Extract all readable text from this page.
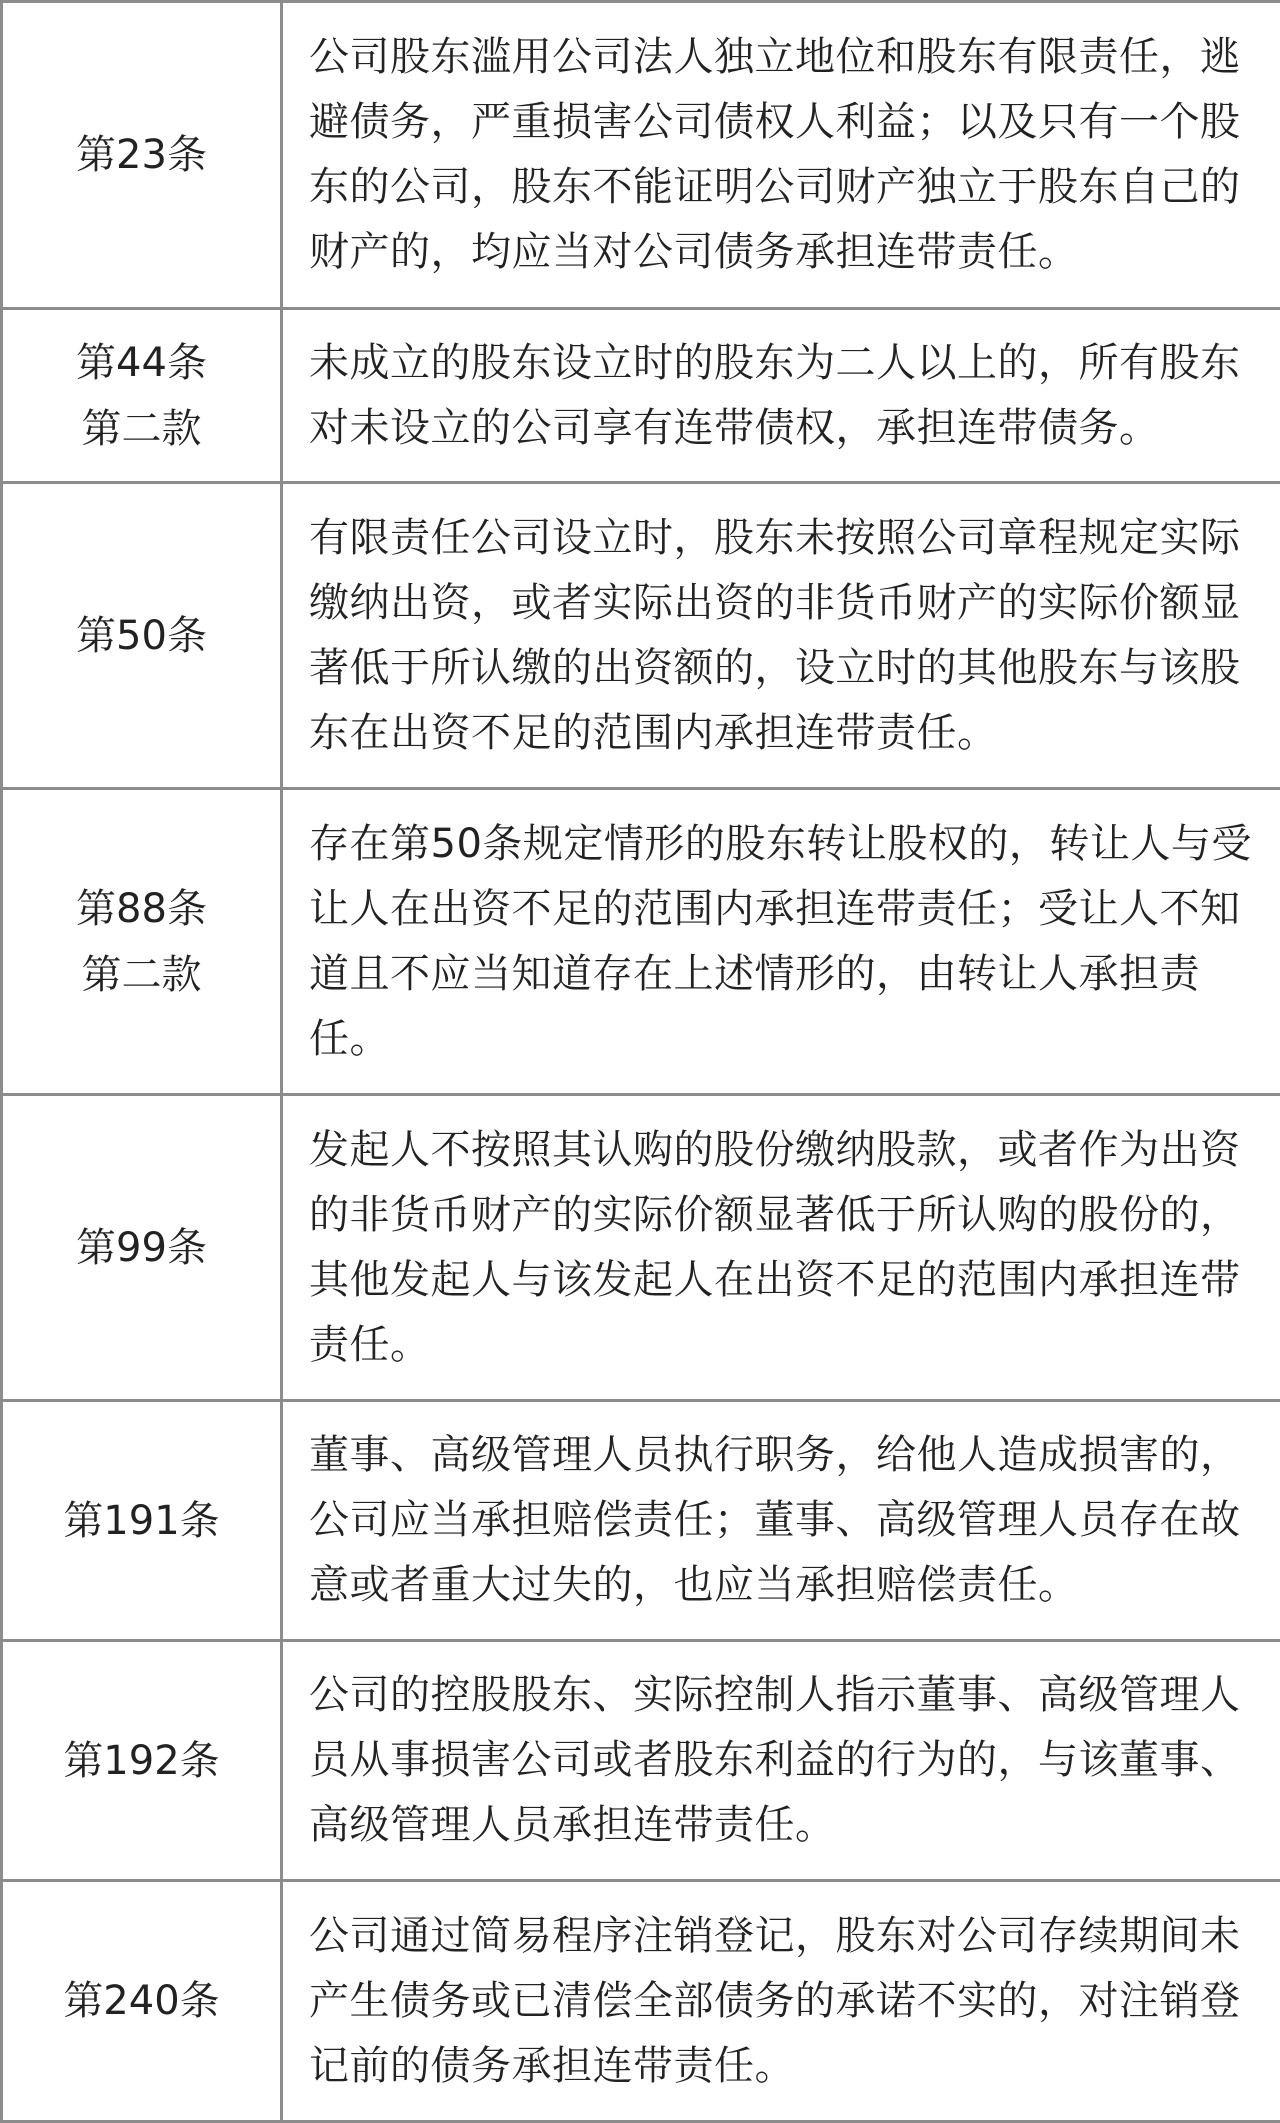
第23条	公司股东滥用公司法人独立地位和股东有限责任，逃避债务，严重损害公司债权人利益；以及只有一个股东的公司，股东不能证明公司财产独立于股东自己的财产的，均应当对公司债务承担连带责任。

第44条
第二款	未成立的股东设立时的股东为二人以上的，所有股东对未设立的公司享有连带债权，承担连带债务。

第50条	有限责任公司设立时，股东未按照公司章程规定实际缴纳出资，或者实际出资的非货币财产的实际价额显著低于所认缴的出资额的，设立时的其他股东与该股东在出资不足的范围内承担连带责任。

第88条
第二款	存在第50条规定情形的股东转让股权的，转让人与受让人在出资不足的范围内承担连带责任；受让人不知道且不应当知道存在上述情形的，由转让人承担责任。

第99条	发起人不按照其认购的股份缴纳股款，或者作为出资的非货币财产的实际价额显著低于所认购的股份的，其他发起人与该发起人在出资不足的范围内承担连带责任。

第191条	董事、高级管理人员执行职务，给他人造成损害的，公司应当承担赔偿责任；董事、高级管理人员存在故意或者重大过失的，也应当承担赔偿责任。

第192条	公司的控股股东、实际控制人指示董事、高级管理人员从事损害公司或者股东利益的行为的，与该董事、高级管理人员承担连带责任。

第240条	公司通过简易程序注销登记，股东对公司存续期间未产生债务或已清偿全部债务的承诺不实的，对注销登记前的债务承担连带责任。
